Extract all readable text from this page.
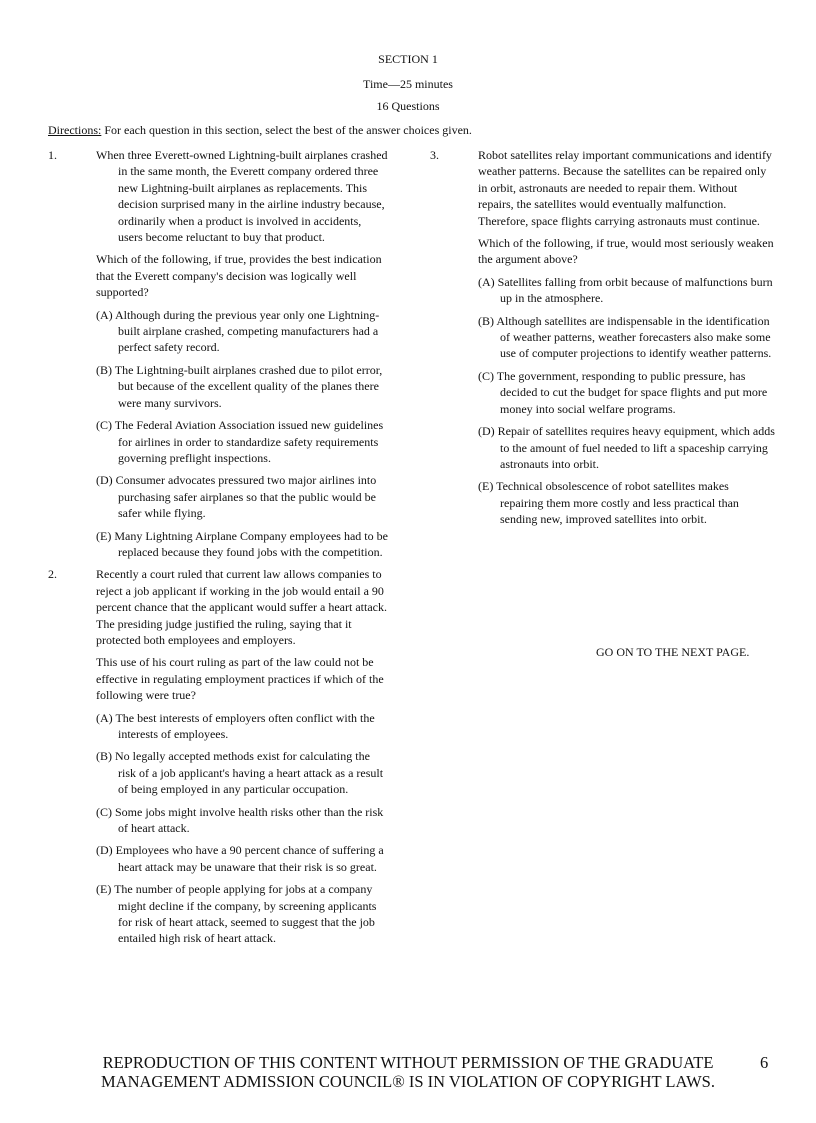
SECTION 1
Time—25 minutes
16 Questions
Directions: For each question in this section, select the best of the answer choices given.
1.	When three Everett-owned Lightning-built airplanes crashed in the same month, the Everett company ordered three new Lightning-built airplanes as replacements. This decision surprised many in the airline industry because, ordinarily when a product is involved in accidents, users become reluctant to buy that product.

Which of the following, if true, provides the best indication that the Everett company's decision was logically well supported?

(A) Although during the previous year only one Lightning-built airplane crashed, competing manufacturers had a perfect safety record.

(B) The Lightning-built airplanes crashed due to pilot error, but because of the excellent quality of the planes there were many survivors.

(C) The Federal Aviation Association issued new guidelines for airlines in order to standardize safety requirements governing preflight inspections.

(D) Consumer advocates pressured two major airlines into purchasing safer airplanes so that the public would be safer while flying.

(E) Many Lightning Airplane Company employees had to be replaced because they found jobs with the competition.

2.	Recently a court ruled that current law allows companies to reject a job applicant if working in the job would entail a 90 percent chance that the applicant would suffer a heart attack. The presiding judge justified the ruling, saying that it protected both employees and employers.

This use of his court ruling as part of the law could not be effective in regulating employment practices if which of the following were true?

(A) The best interests of employers often conflict with the interests of employees.

(B) No legally accepted methods exist for calculating the risk of a job applicant's having a heart attack as a result of being employed in any particular occupation.

(C) Some jobs might involve health risks other than the risk of heart attack.

(D) Employees who have a 90 percent chance of suffering a heart attack may be unaware that their risk is so great.

(E) The number of people applying for jobs at a company might decline if the company, by screening applicants for risk of heart attack, seemed to suggest that the job entailed high risk of heart attack.

3.	Robot satellites relay important communications and identify weather patterns. Because the satellites can be repaired only in orbit, astronauts are needed to repair them. Without repairs, the satellites would eventually malfunction. Therefore, space flights carrying astronauts must continue.

Which of the following, if true, would most seriously weaken the argument above?

(A) Satellites falling from orbit because of malfunctions burn up in the atmosphere.

(B) Although satellites are indispensable in the identification of weather patterns, weather forecasters also make some use of computer projections to identify weather patterns.

(C) The government, responding to public pressure, has decided to cut the budget for space flights and put more money into social welfare programs.

(D) Repair of satellites requires heavy equipment, which adds to the amount of fuel needed to lift a spaceship carrying astronauts into orbit.

(E) Technical obsolescence of robot satellites makes repairing them more costly and less practical than sending new, improved satellites into orbit.

GO ON TO THE NEXT PAGE.
REPRODUCTION OF THIS CONTENT WITHOUT PERMISSION OF THE GRADUATE
MANAGEMENT ADMISSION COUNCIL® IS IN VIOLATION OF COPYRIGHT LAWS.
6
